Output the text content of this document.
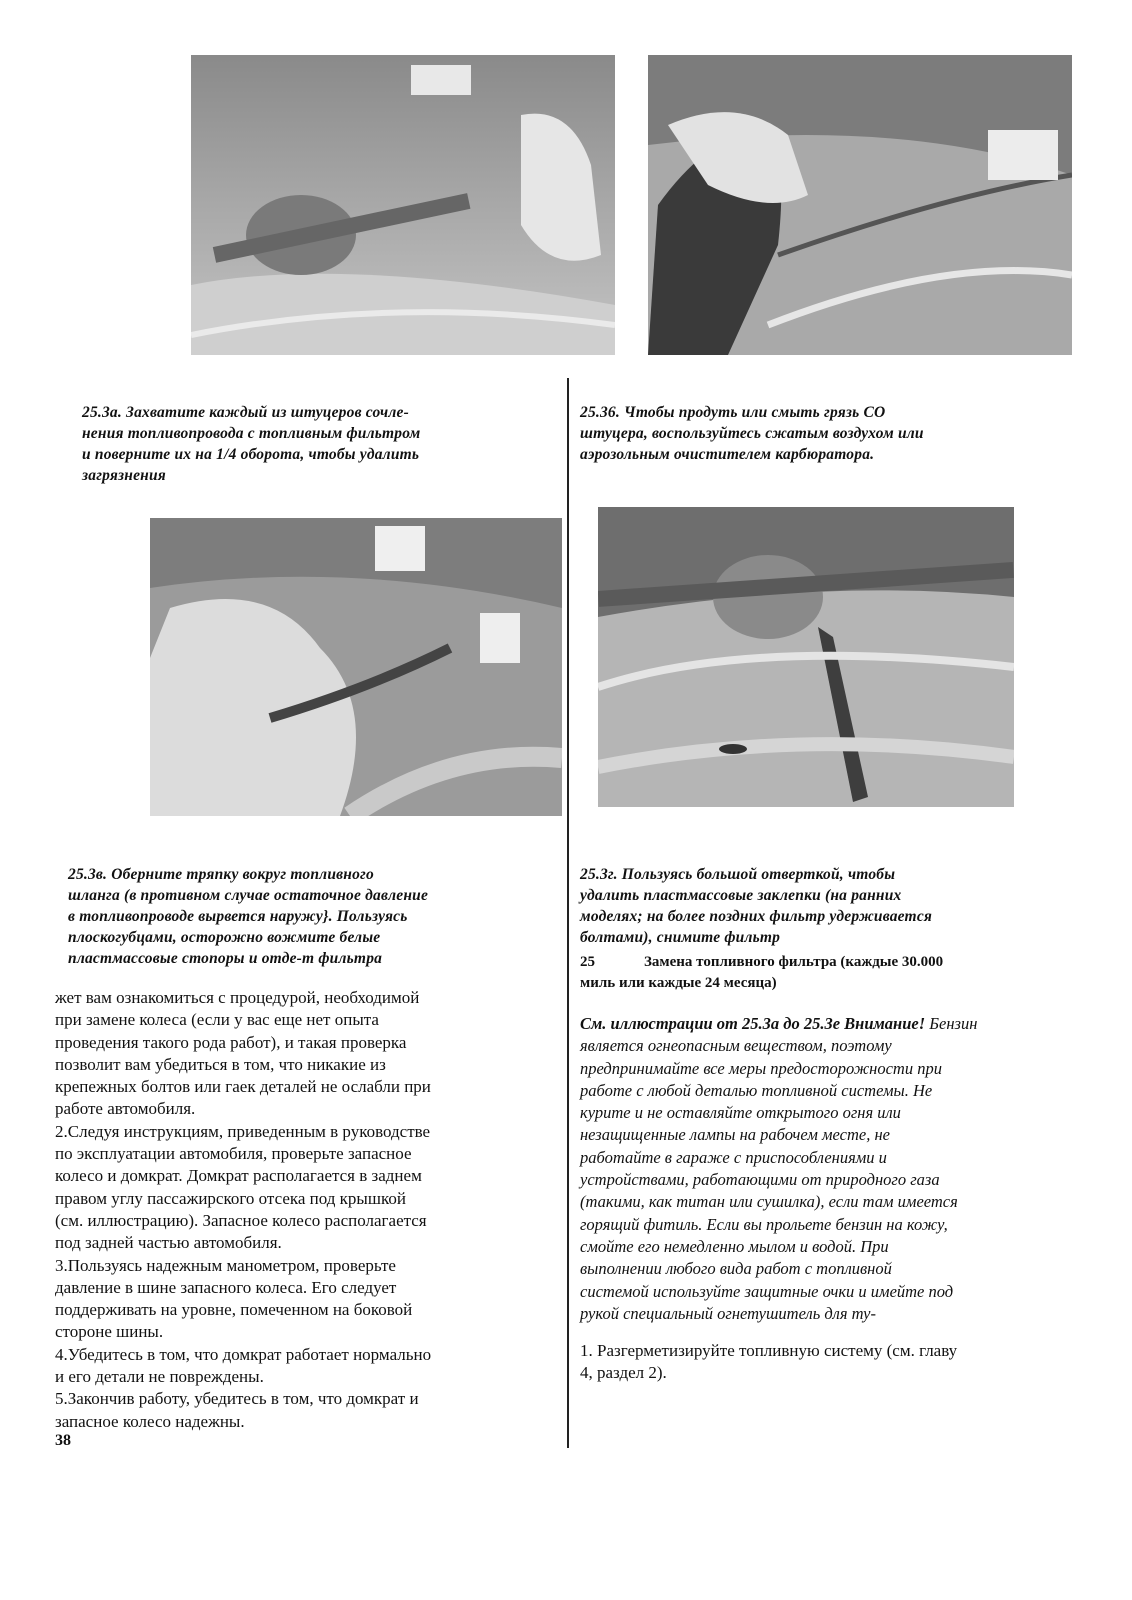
25.3а. Захватите каждый из штуцеров сочле-
нения топливопровода с топливным фильтром
и поверните их на 1/4 оборота, чтобы удалить
загрязнения
25.36. Чтобы продуть или смыть грязь СО
штуцера, воспользуйтесь сжатым воздухом или
аэрозольным очистителем карбюратора.
25.3в. Оберните тряпку вокруг топливного
шланга (в противном случае остаточное давление
в топливопроводе вырвется наружу}. Пользуясь
плоскогубцами, осторожно вожмите белые
пластмассовые стопоры и отде-т фильтра
25.3г. Пользуясь большой отверткой, чтобы
удалить пластмассовые заклепки (на ранних
моделях; на более поздних фильтр удерживается
болтами), снимите фильтр
25	Замена топливного фильтра (каждые 30.000
миль или каждые 24 месяца)
жет вам ознакомиться с процедурой, необходимой
при замене колеса (если у вас еще нет опыта
проведения такого рода работ), и такая проверка
позволит вам убедиться в том, что никакие из
крепежных болтов или гаек деталей не ослабли при
работе автомобиля.
2.Следуя инструкциям, приведенным в руководстве
по эксплуатации автомобиля, проверьте запасное
колесо и домкрат. Домкрат располагается в заднем
правом углу пассажирского отсека под крышкой
(см. иллюстрацию). Запасное колесо располагается
под задней частью автомобиля.
3.Пользуясь надежным манометром, проверьте
давление в шине запасного колеса. Его следует
поддерживать на уровне, помеченном на боковой
стороне шины.
4.Убедитесь в том, что домкрат работает нормально
и его детали не повреждены.
5.Закончив работу, убедитесь в том, что домкрат и
запасное колесо надежны.
См. иллюстрации от 25.3а до 25.3е Внимание! Бензин
является огнеопасным веществом, поэтому
предпринимайте все меры предосторожности при
работе с любой деталью топливной системы. Не
курите и не оставляйте открытого огня или
незащищенные лампы на рабочем месте, не
работайте в гараже с приспособлениями и
устройствами, работающими от природного газа
(такими, как титан или сушилка), если там имеется
горящий фитиль. Если вы прольете бензин на кожу,
смойте его немедленно мылом и водой. При
выполнении любого вида работ с топливной
системой используйте защитные очки и имейте под
рукой специальный огнетушитель для ту-
1. Разгерметизируйте топливную систему (см. главу
4, раздел 2).
38
